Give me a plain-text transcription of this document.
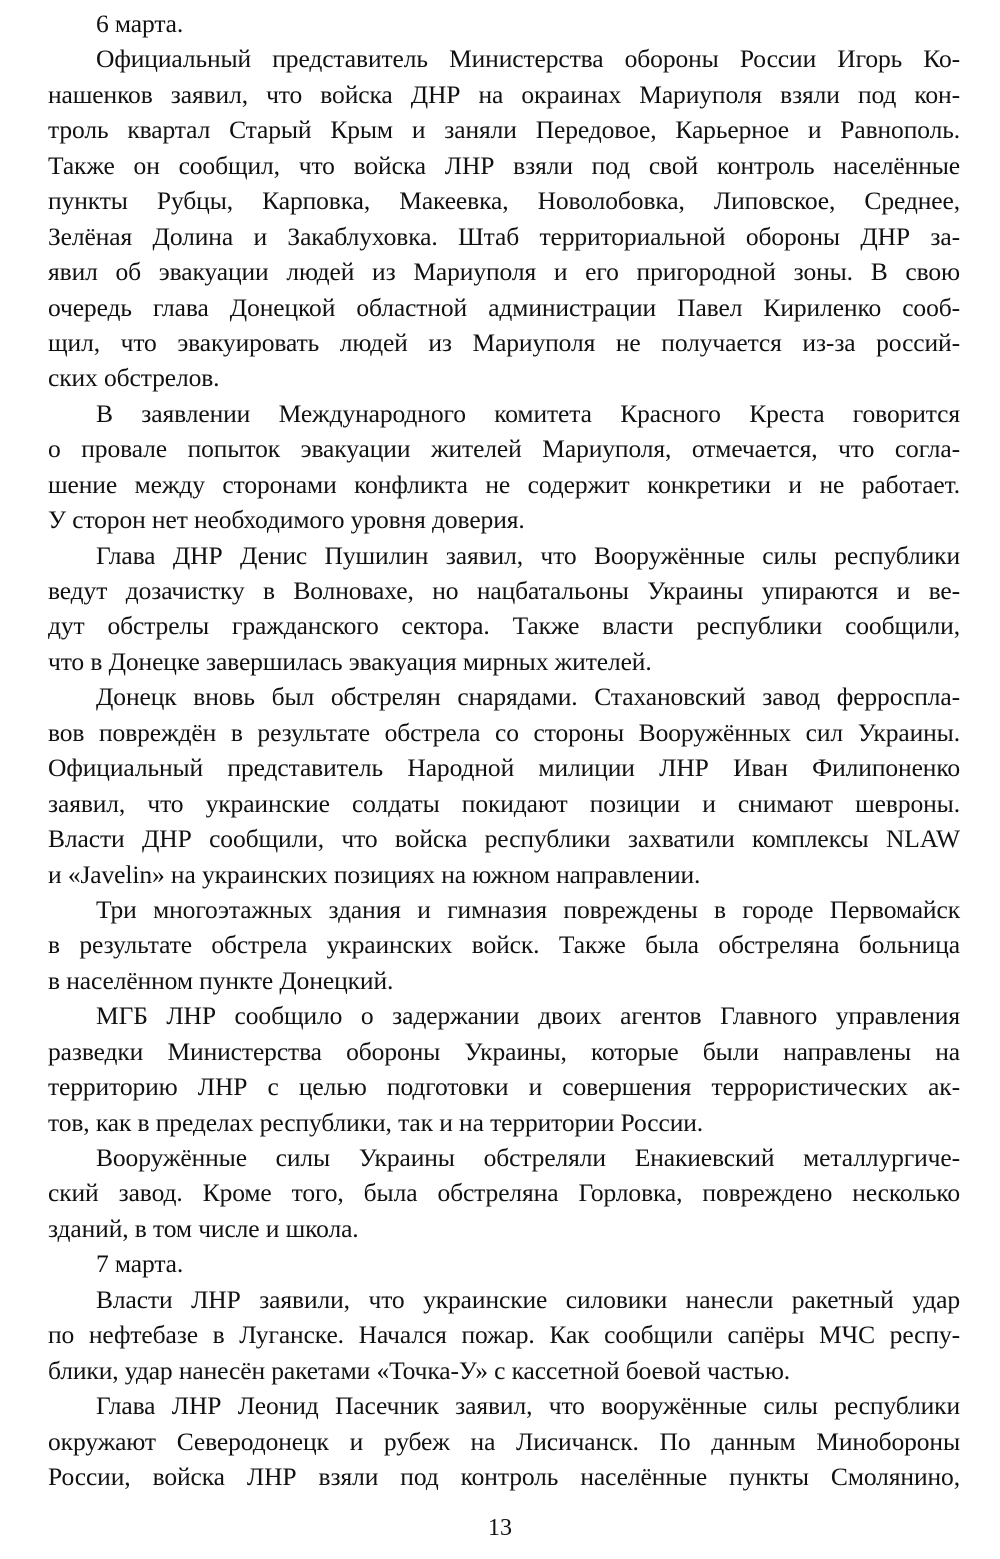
6 марта.
Официальный представитель Министерства обороны России Игорь Ко-
нашенков заявил, что войска ДНР на окраинах Мариуполя взяли под кон-
троль квартал Старый Крым и заняли Передовое, Карьерное и Равнополь.
Также он сообщил, что войска ЛНР взяли под свой контроль населённые
пункты Рубцы, Карповка, Макеевка, Новолобовка, Липовское, Среднее,
Зелёная Долина и Закаблуховка. Штаб территориальной обороны ДНР за-
явил об эвакуации людей из Мариуполя и его пригородной зоны. В свою
очередь глава Донецкой областной администрации Павел Кириленко сооб-
щил, что эвакуировать людей из Мариуполя не получается из-за россий-
ских обстрелов.
В заявлении Международного комитета Красного Креста говорится
о провале попыток эвакуации жителей Мариуполя, отмечается, что согла-
шение между сторонами конфликта не содержит конкретики и не работает.
У сторон нет необходимого уровня доверия.
Глава ДНР Денис Пушилин заявил, что Вооружённые силы республики
ведут дозачистку в Волновахе, но нацбатальоны Украины упираются и ве-
дут обстрелы гражданского сектора. Также власти республики сообщили,
что в Донецке завершилась эвакуация мирных жителей.
Донецк вновь был обстрелян снарядами. Стахановский завод ферроспла-
вов повреждён в результате обстрела со стороны Вооружённых сил Украины.
Официальный представитель Народной милиции ЛНР Иван Филипоненко
заявил, что украинские солдаты покидают позиции и снимают шевроны.
Власти ДНР сообщили, что войска республики захватили комплексы NLAW
и «Javelin» на украинских позициях на южном направлении.
Три многоэтажных здания и гимназия повреждены в городе Первомайск
в результате обстрела украинских войск. Также была обстреляна больница
в населённом пункте Донецкий.
МГБ ЛНР сообщило о задержании двоих агентов Главного управления
разведки Министерства обороны Украины, которые были направлены на
территорию ЛНР с целью подготовки и совершения террористических ак-
тов, как в пределах республики, так и на территории России.
Вооружённые силы Украины обстреляли Енакиевский металлургиче-
ский завод. Кроме того, была обстреляна Горловка, повреждено несколько
зданий, в том числе и школа.
7 марта.
Власти ЛНР заявили, что украинские силовики нанесли ракетный удар
по нефтебазе в Луганске. Начался пожар. Как сообщили сапёры МЧС респу-
блики, удар нанесён ракетами «Точка-У» с кассетной боевой частью.
Глава ЛНР Леонид Пасечник заявил, что вооружённые силы республики
окружают Северодонецк и рубеж на Лисичанск. По данным Минобороны
России, войска ЛНР взяли под контроль населённые пункты Смолянино,
13
